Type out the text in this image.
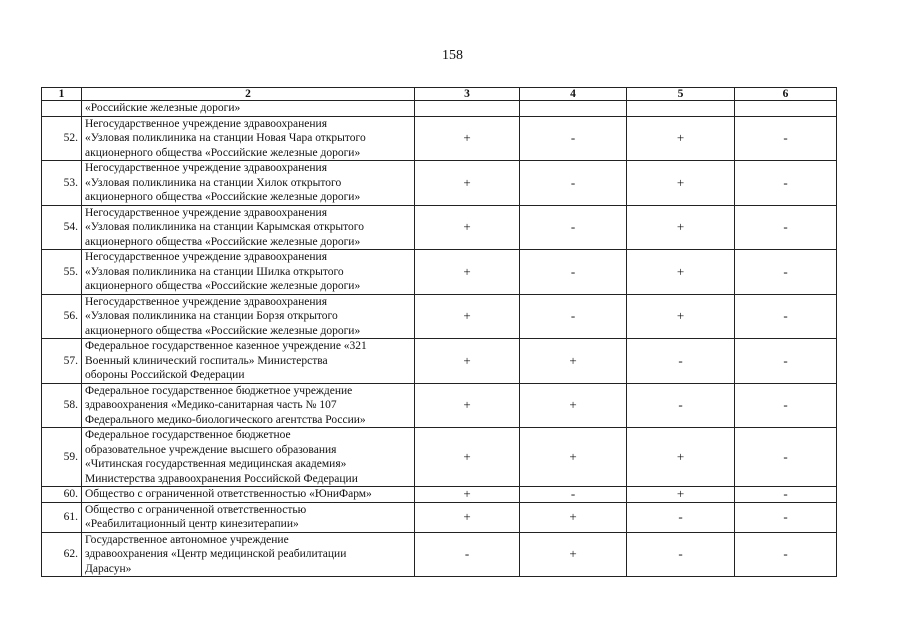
158
1	2	3	4	5	6
	«Российские железные дороги»				
52.	Негосударственное учреждение здравоохранения
«Узловая поликлиника на станции Новая Чара открытого
акционерного общества «Российские железные дороги»	+	-	+	-
53.	Негосударственное учреждение здравоохранения
«Узловая поликлиника на станции Хилок открытого
акционерного общества «Российские железные дороги»	+	-	+	-
54.	Негосударственное учреждение здравоохранения
«Узловая поликлиника на станции Карымская открытого
акционерного общества «Российские железные дороги»	+	-	+	-
55.	Негосударственное учреждение здравоохранения
«Узловая поликлиника на станции Шилка открытого
акционерного общества «Российские железные дороги»	+	-	+	-
56.	Негосударственное учреждение здравоохранения
«Узловая поликлиника на станции Борзя открытого
акционерного общества «Российские железные дороги»	+	-	+	-
57.	Федеральное государственное казенное учреждение «321
Военный клинический госпиталь» Министерства
обороны Российской Федерации	+	+	-	-
58.	Федеральное государственное бюджетное учреждение
здравоохранения «Медико-санитарная часть № 107
Федерального медико-биологического агентства России»	+	+	-	-
59.	Федеральное государственное бюджетное
образовательное учреждение высшего образования
«Читинская государственная медицинская академия»
Министерства здравоохранения Российской Федерации	+	+	+	-
60.	Общество с ограниченной ответственностью «ЮниФарм»	+	-	+	-
61.	Общество с ограниченной ответственностью
«Реабилитационный центр кинезитерапии»	+	+	-	-
62.	Государственное автономное учреждение
здравоохранения «Центр медицинской реабилитации
Дарасун»	-	+	-	-
